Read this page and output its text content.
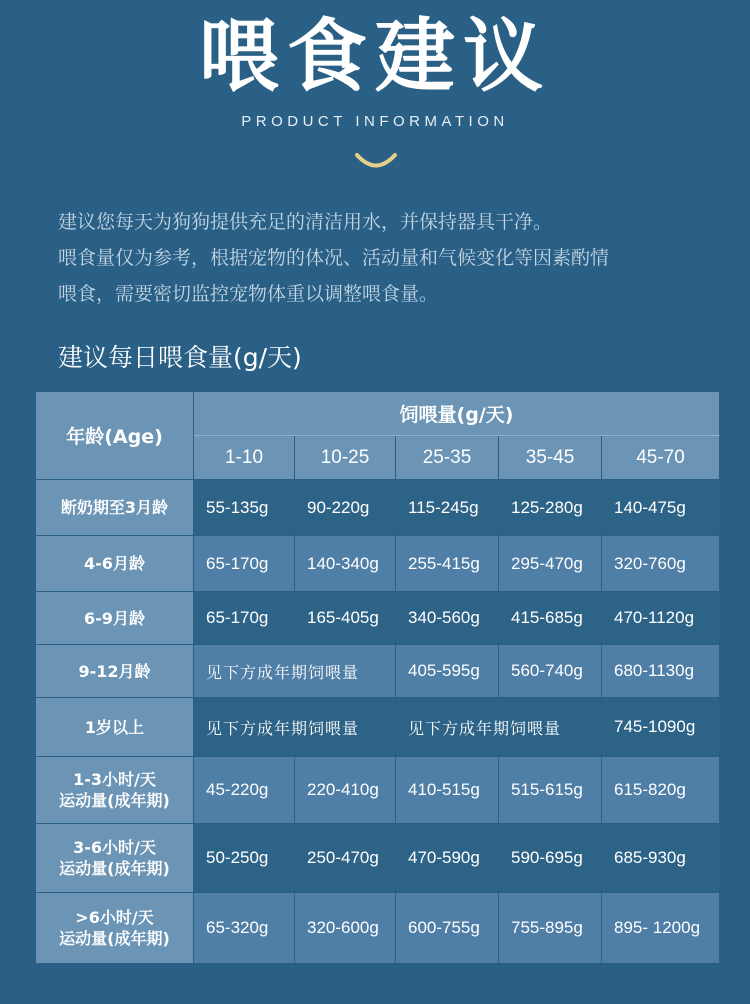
喂食建议
PRODUCT INFORMATION

建议您每天为狗狗提供充足的清洁用水，并保持器具干净。

喂食量仅为参考，根据宠物的体况、活动量和气候变化等因素酌情

喂食，需要密切监控宠物体重以调整喂食量。

建议每日喂食量(g/天)
年龄(Age)
饲喂量(g/天)
1-10	10-25	25-35	35-45	45-70
断奶期至3月龄	55-135g	90-220g	115-245g	125-280g	140-475g
4-6月龄	65-170g	140-340g	255-415g	295-470g	320-760g
6-9月龄	65-170g	165-405g	340-560g	415-685g	470-1120g
9-12月龄	见下方成年期饲喂量	405-595g	560-740g	680-1130g
1岁以上	见下方成年期饲喂量	见下方成年期饲喂量	745-1090g
1-3小时/天
运动量(成年期)
45-220g	220-410g	410-515g	515-615g	615-820g
3-6小时/天
运动量(成年期)
50-250g	250-470g	470-590g	590-695g	685-930g
>6小时/天
运动量(成年期)
65-320g	320-600g	600-755g	755-895g	895- 1200g
